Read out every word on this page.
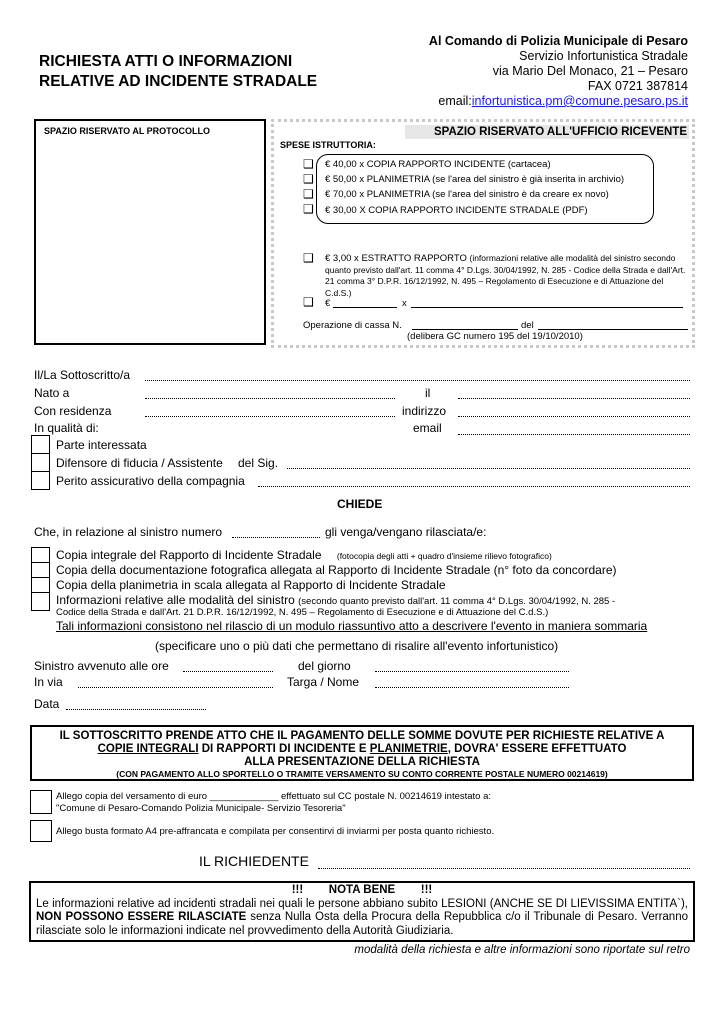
RICHIESTA ATTI O INFORMAZIONI
RELATIVE AD INCIDENTE STRADALE
Al Comando di Polizia Municipale di Pesaro
Servizio Infortunistica Stradale
via Mario Del Monaco, 21 – Pesaro
FAX 0721 387814
email:infortunistica.pm@comune.pesaro.ps.it
SPAZIO RISERVATO AL PROTOCOLLO	SPAZIO RISERVATO ALL'UFFICIO RICEVENTE
SPESE ISTRUTTORIA:
❑
❑
❑
❑
€ 40,00 x COPIA RAPPORTO INCIDENTE (cartacea)
€ 50,00 x PLANIMETRIA (se l'area del sinistro è già inserita in archivio)
€ 70,00 x PLANIMETRIA (se l'area del sinistro è da creare ex novo)
€ 30,00 X COPIA RAPPORTO INCIDENTE STRADALE (PDF)
❑ € 3,00 x ESTRATTO RAPPORTO (informazioni relative alle modalità del sinistro secondo quanto previsto dall'art. 11 comma 4° D.Lgs. 30/04/1992, N. 285 - Codice della Strada e dall'Art. 21 comma 3° D.P.R. 16/12/1992, N. 495 – Regolamento di Esecuzione e di Attuazione del C.d.S.)
❑ €	x
Operazione di cassa N.	del
(delibera GC numero 195 del 19/10/2010)
Il/La Sottoscritto/a
Nato a	il
Con residenza	indirizzo
In qualità di:	email
Parte interessata
Difensore di fiducia / Assistente del Sig.
Perito assicurativo della compagnia
CHIEDE
Che, in relazione al sinistro numero	gli venga/vengano rilasciata/e:
Copia integrale del Rapporto di Incidente Stradale (fotocopia degli atti + quadro d'insieme rilievo fotografico)
Copia della documentazione fotografica allegata al Rapporto di Incidente Stradale (n° foto da concordare)
Copia della planimetria in scala allegata al Rapporto di Incidente Stradale
Informazioni relative alle modalità del sinistro (secondo quanto previsto dall'art. 11 comma 4° D.Lgs. 30/04/1992, N. 285 -
Codice della Strada e dall'Art. 21 D.P.R. 16/12/1992, N. 495 – Regolamento di Esecuzione e di Attuazione del C.d.S.)
Tali informazioni consistono nel rilascio di un modulo riassuntivo atto a descrivere l'evento in maniera sommaria
(specificare uno o più dati che permettano di risalire all'evento infortunistico)
Sinistro avvenuto alle ore	del giorno
In via	Targa / Nome
Data
IL SOTTOSCRITTO PRENDE ATTO CHE IL PAGAMENTO DELLE SOMME DOVUTE PER RICHIESTE RELATIVE A
COPIE INTEGRALI DI RAPPORTI DI INCIDENTE E PLANIMETRIE, DOVRA' ESSERE EFFETTUATO
ALLA PRESENTAZIONE DELLA RICHIESTA
(CON PAGAMENTO ALLO SPORTELLO O TRAMITE VERSAMENTO SU CONTO CORRENTE POSTALE NUMERO 00214619)
Allego copia del versamento di euro _____________ effettuato sul CC postale N. 00214619 intestato a:
"Comune di Pesaro-Comando Polizia Municipale- Servizio Tesoreria"
Allego busta formato A4 pre-affrancata e compilata per consentirvi di inviarmi per posta quanto richiesto.
IL RICHIEDENTE
!!!        NOTA BENE        !!!
Le informazioni relative ad incidenti stradali nei quali le persone abbiano subito LESIONI (ANCHE SE DI LIEVISSIMA ENTITA`), NON POSSONO ESSERE RILASCIATE senza Nulla Osta della Procura della Repubblica c/o il Tribunale di Pesaro. Verranno rilasciate solo le informazioni indicate nel provvedimento della Autorità Giudiziaria.
modalità della richiesta e altre informazioni sono riportate sul retro
